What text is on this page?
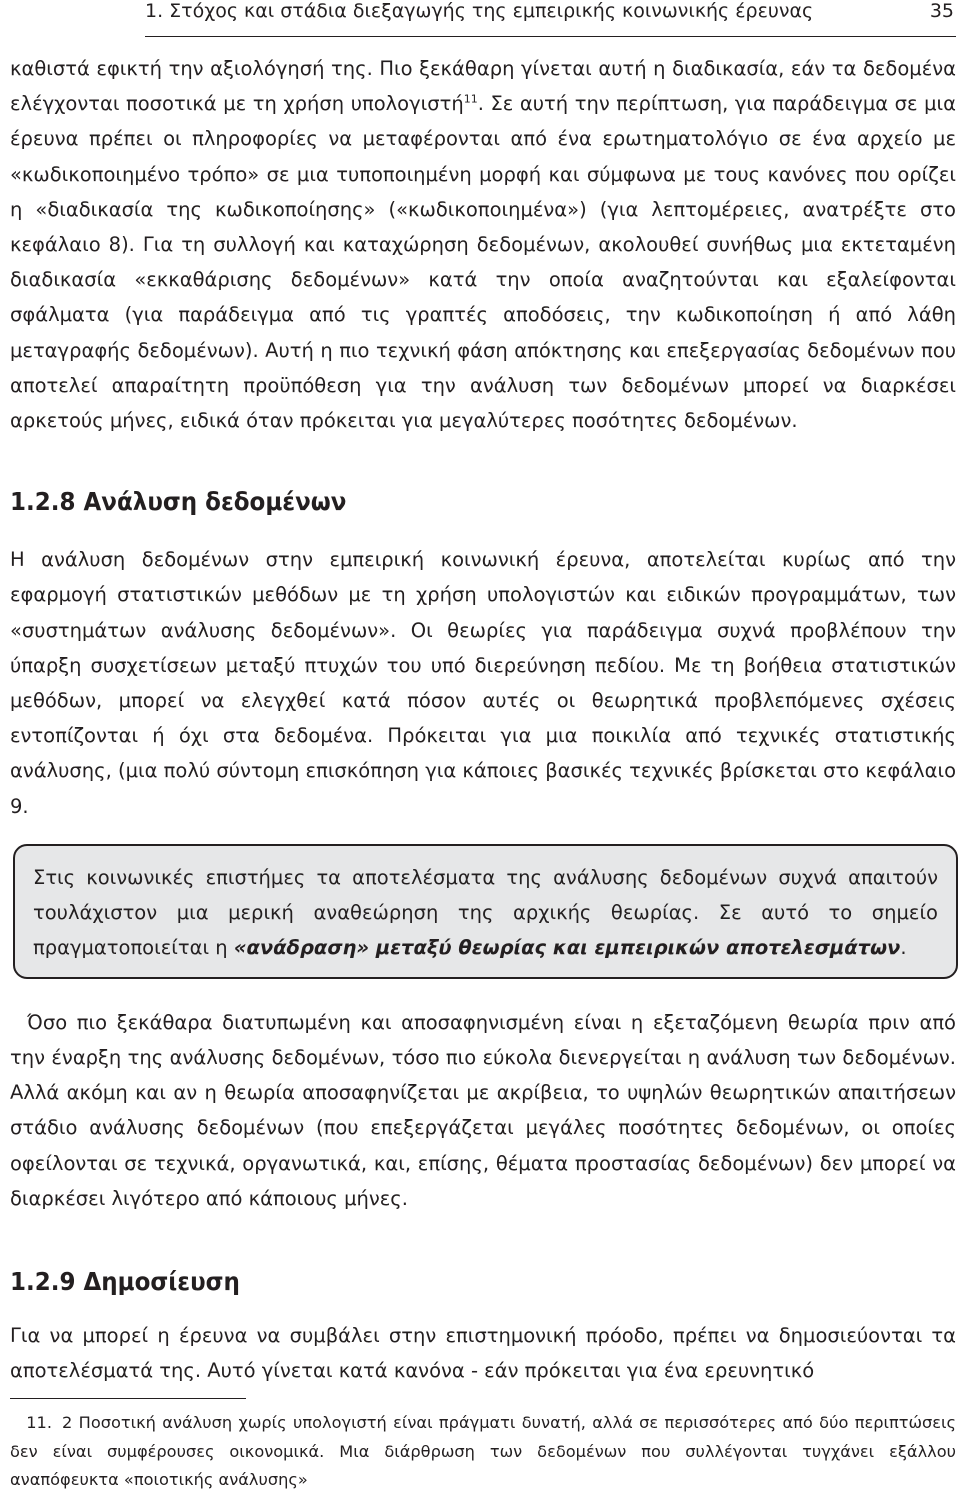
1. Στόχος και στάδια διεξαγωγής της εμπειρικής κοινωνικής έρευνας	35

καθιστά εφικτή την αξιολόγησή της. Πιο ξεκάθαρη γίνεται αυτή η διαδικασία, εάν τα δεδομένα ελέγχονται ποσοτικά με τη χρήση υπολογιστή$^{11}$. Σε αυτή την περίπτωση, για παράδειγμα σε μια έρευνα πρέπει οι πληροφορίες να μεταφέρονται από ένα ερωτηματολόγιο σε ένα αρχείο με «κωδικοποιημένο τρόπο» σε μια τυποποιημένη μορφή και σύμφωνα με τους κανόνες που ορίζει η «διαδικασία της κωδικοποίησης» («κωδικοποιημένα») (για λεπτομέρειες, ανατρέξτε στο κεφάλαιο 8). Για τη συλλογή και καταχώρηση δεδομένων, ακολουθεί συνήθως μια εκτεταμένη διαδικασία «εκκαθάρισης δεδομένων» κατά την οποία αναζητούνται και εξαλείφονται σφάλματα (για παράδειγμα από τις γραπτές αποδόσεις, την κωδικοποίηση ή από λάθη μεταγραφής δεδομένων). Αυτή η πιο τεχνική φάση απόκτησης και επεξεργασίας δεδομένων που αποτελεί απαραίτητη προϋπόθεση για την ανάλυση των δεδομένων μπορεί να διαρκέσει αρκετούς μήνες, ειδικά όταν πρόκειται για μεγαλύτερες ποσότητες δεδομένων.

1.2.8 Ανάλυση δεδομένων

Η ανάλυση δεδομένων στην εμπειρική κοινωνική έρευνα, αποτελείται κυρίως από την εφαρμογή στατιστικών μεθόδων με τη χρήση υπολογιστών και ειδικών προγραμμάτων, των «συστημάτων ανάλυσης δεδομένων». Οι θεωρίες για παράδειγμα συχνά προβλέπουν την ύπαρξη συσχετίσεων μεταξύ πτυχών του υπό διερεύνηση πεδίου. Με τη βοήθεια στατιστικών μεθόδων, μπορεί να ελεγχθεί κατά πόσον αυτές οι θεωρητικά προβλεπόμενες σχέσεις εντοπίζονται ή όχι στα δεδομένα. Πρόκειται για μια ποικιλία από τεχνικές στατιστικής ανάλυσης, (μια πολύ σύντομη επισκόπηση για κάποιες βασικές τεχνικές βρίσκεται στο κεφάλαιο 9.

Στις κοινωνικές επιστήμες τα αποτελέσματα της ανάλυσης δεδομένων συχνά απαιτούν τουλάχιστον μια μερική αναθεώρηση της αρχικής θεωρίας. Σε αυτό το σημείο πραγματοποιείται η «ανάδραση» μεταξύ θεωρίας και εμπειρικών αποτελεσμάτων.

Όσο πιο ξεκάθαρα διατυπωμένη και αποσαφηνισμένη είναι η εξεταζόμενη θεωρία πριν από την έναρξη της ανάλυσης δεδομένων, τόσο πιο εύκολα διενεργείται η ανάλυση των δεδομένων. Αλλά ακόμη και αν η θεωρία αποσαφηνίζεται με ακρίβεια, το υψηλών θεωρητικών απαιτήσεων στάδιο ανάλυσης δεδομένων (που επεξεργάζεται μεγάλες ποσότητες δεδομένων, οι οποίες οφείλονται σε τεχνικά, οργανωτικά, και, επίσης, θέματα προστασίας δεδομένων) δεν μπορεί να διαρκέσει λιγότερο από κάποιους μήνες.

1.2.9 Δημοσίευση

Για να μπορεί η έρευνα να συμβάλει στην επιστημονική πρόοδο, πρέπει να δημοσιεύονται τα αποτελέσματά της. Αυτό γίνεται κατά κανόνα - εάν πρόκειται για ένα ερευνητικό

11. 2 Ποσοτική ανάλυση χωρίς υπολογιστή είναι πράγματι δυνατή, αλλά σε περισσότερες από δύο περιπτώσεις δεν είναι συμφέρουσες οικονομικά. Μια διάρθρωση των δεδομένων που συλλέγονται τυγχάνει εξάλλου αναπόφευκτα «ποιοτικής ανάλυσης»
